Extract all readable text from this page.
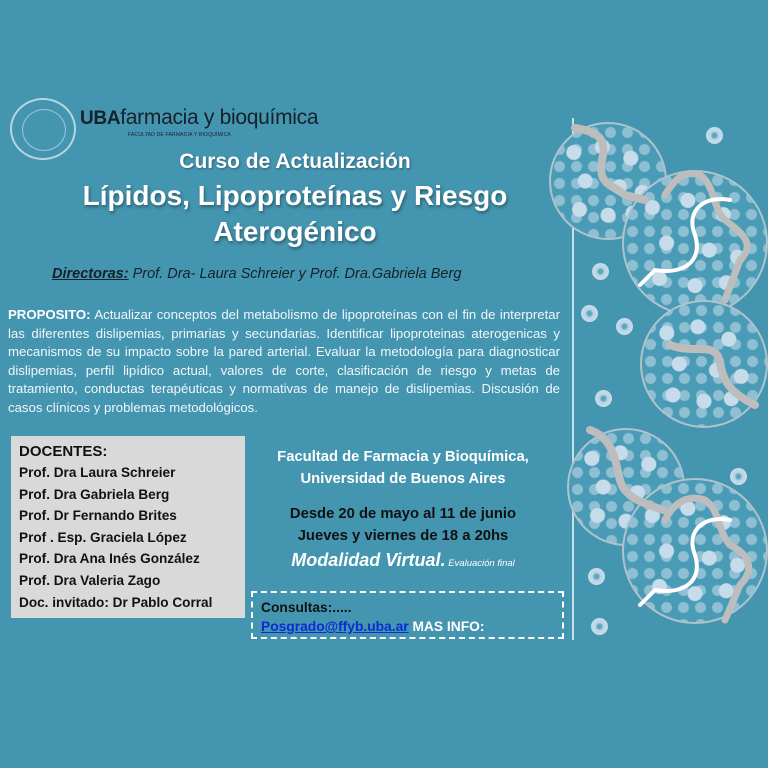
UBAfarmacia y bioquímica
FACULTAD DE FARMACIA Y BIOQUÍMICA
Curso de Actualización
Lípidos, Lipoproteínas y Riesgo
Aterogénico
Directoras: Prof. Dra- Laura Schreier y Prof. Dra.Gabriela Berg
PROPOSITO: Actualizar conceptos del metabolismo de lipoproteínas con el fin de interpretar las diferentes dislipemias, primarias y secundarias. Identificar lipoproteinas aterogenicas y mecanismos de su impacto sobre la pared arterial. Evaluar la metodología para diagnosticar dislipemias, perfil lipídico actual, valores de corte, clasificación de riesgo y metas de tratamiento, conductas terapéuticas y normativas de manejo de dislipemias. Discusión de casos clínicos y problemas metodológicos.
DOCENTES:
Prof. Dra Laura Schreier
Prof. Dra Gabriela Berg
Prof. Dr Fernando Brites
Prof . Esp. Graciela López
Prof. Dra Ana Inés González
Prof. Dra Valeria Zago
Doc. invitado: Dr Pablo Corral
Facultad de Farmacia y Bioquímica,
Universidad de Buenos Aires
Desde 20 de mayo al 11 de junio
Jueves y viernes de 18 a 20hs
Modalidad Virtual. Evaluación final
Consultas:.....
Posgrado@ffyb.uba.ar MAS INFO:
